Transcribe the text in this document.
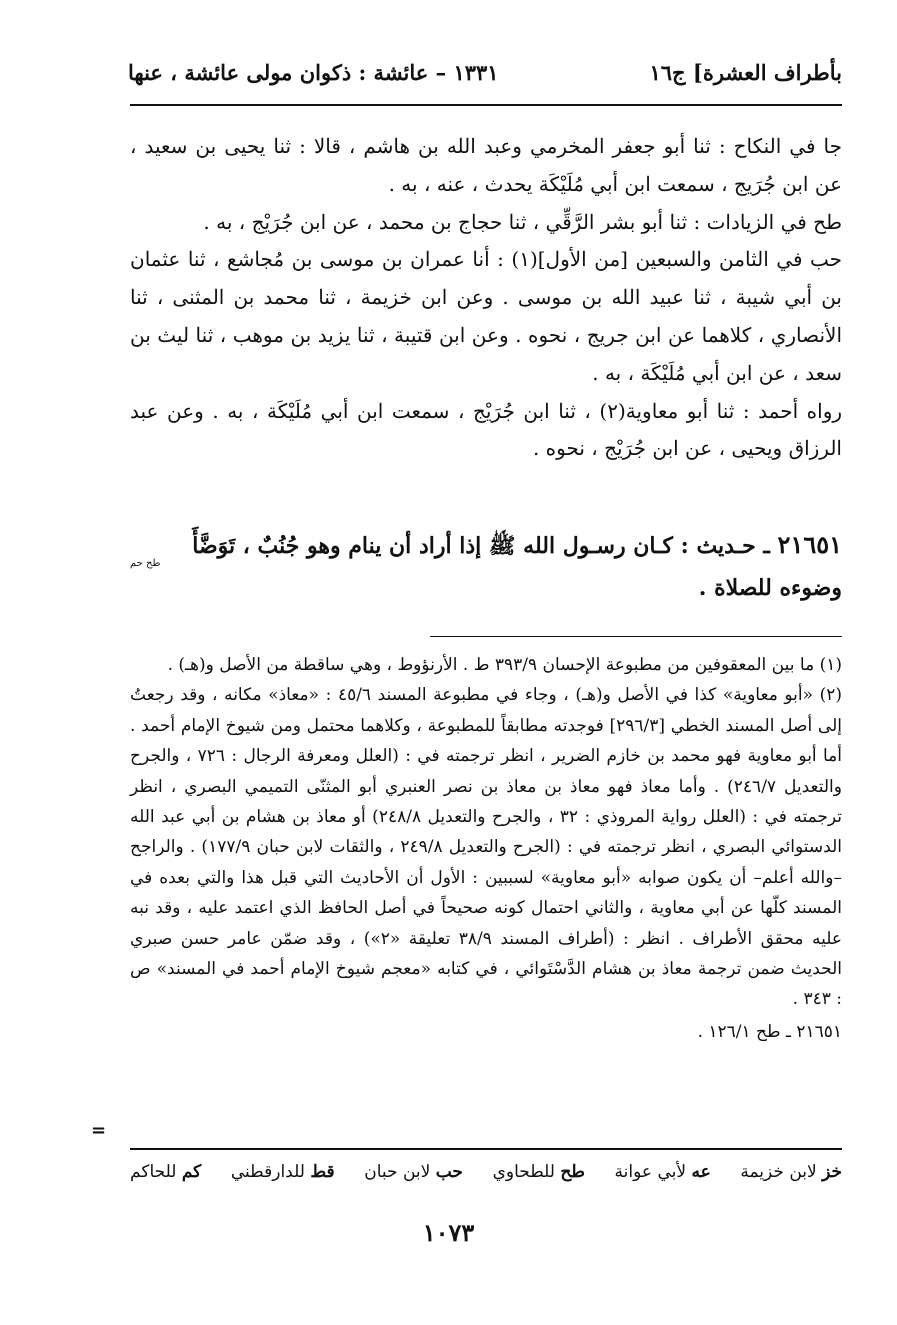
بأطراف العشرة] ج١٦
١٣٣١ – عائشة : ذكوان مولى عائشة ، عنها

جا في النكاح : ثنا أبو جعفر المخرمي وعبد الله بن هاشم ، قالا : ثنا يحيى بن سعيد ، عن ابن جُرَيج ، سمعت ابن أبي مُلَيْكَة يحدث ، عنه ، به .

طح في الزيادات : ثنا أبو بشر الرَّقِّي ، ثنا حجاج بن محمد ، عن ابن جُرَيْج ، به .

حب في الثامن والسبعين [من الأول](١) : أنا عمران بن موسى بن مُجاشع ، ثنا عثمان بن أبي شيبة ، ثنا عبيد الله بن موسى . وعن ابن خزيمة ، ثنا محمد بن المثنى ، ثنا الأنصاري ، كلاهما عن ابن جريج ، نحوه . وعن ابن قتيبة ، ثنا يزيد بن موهب ، ثنا ليث بن سعد ، عن ابن أبي مُلَيْكَة ، به .

رواه أحمد : ثنا أبو معاوية(٢) ، ثنا ابن جُرَيْج ، سمعت ابن أبي مُلَيْكَة ، به . وعن عبد الرزاق ويحيى ، عن ابن جُرَيْج ، نحوه .

٢١٦٥١ ـ حـديث : كـان رسـول الله ﷺ إذا أراد أن ينام وهو جُنُبٌ ، تَوَضَّأَ
طح حم
وضوءه للصلاة .

(١) ما بين المعقوفين من مطبوعة الإحسان ٣٩٣/٩ ط . الأرنؤوط ، وهي ساقطة من الأصل و(هـ) .

(٢) «أبو معاوية» كذا في الأصل و(هـ) ، وجاء في مطبوعة المسند ٤٥/٦ : «معاذ» مكانه ، وقد رجعتُ إلى أصل المسند الخطي [٢٩٦/٣] فوجدته مطابقاً للمطبوعة ، وكلاهما محتمل ومن شيوخ الإمام أحمد . أما أبو معاوية فهو محمد بن خازم الضرير ، انظر ترجمته في : (العلل ومعرفة الرجال : ٧٢٦ ، والجرح والتعديل ٢٤٦/٧) . وأما معاذ فهو معاذ بن معاذ بن نصر العنبري أبو المثنّى التميمي البصري ، انظر ترجمته في : (العلل رواية المروذي : ٣٢ ، والجرح والتعديل ٢٤٨/٨) أو معاذ بن هشام بن أبي عبد الله الدستوائي البصري ، انظر ترجمته في : (الجرح والتعديل ٢٤٩/٨ ، والثقات لابن حبان ١٧٧/٩) . والراجح –والله أعلم– أن يكون صوابه «أبو معاوية» لسببين : الأول أن الأحاديث التي قبل هذا والتي بعده في المسند كلّها عن أبي معاوية ، والثاني احتمال كونه صحيحاً في أصل الحافظ الذي اعتمد عليه ، وقد نبه عليه محقق الأطراف . انظر : (أطراف المسند ٣٨/٩ تعليقة «٢») ، وقد ضمّن عامر حسن صبري الحديث ضمن ترجمة معاذ بن هشام الدَّسْتَوائي ، في كتابه «معجم شيوخ الإمام أحمد في المسند» ص : ٣٤٣ .

٢١٦٥١ ـ طح ١٢٦/١ .

=
خز لابن خزيمة
عه لأبي عوانة
طح للطحاوي
حب لابن حبان
قط للدارقطني
كم للحاكم
١٠٧٣
